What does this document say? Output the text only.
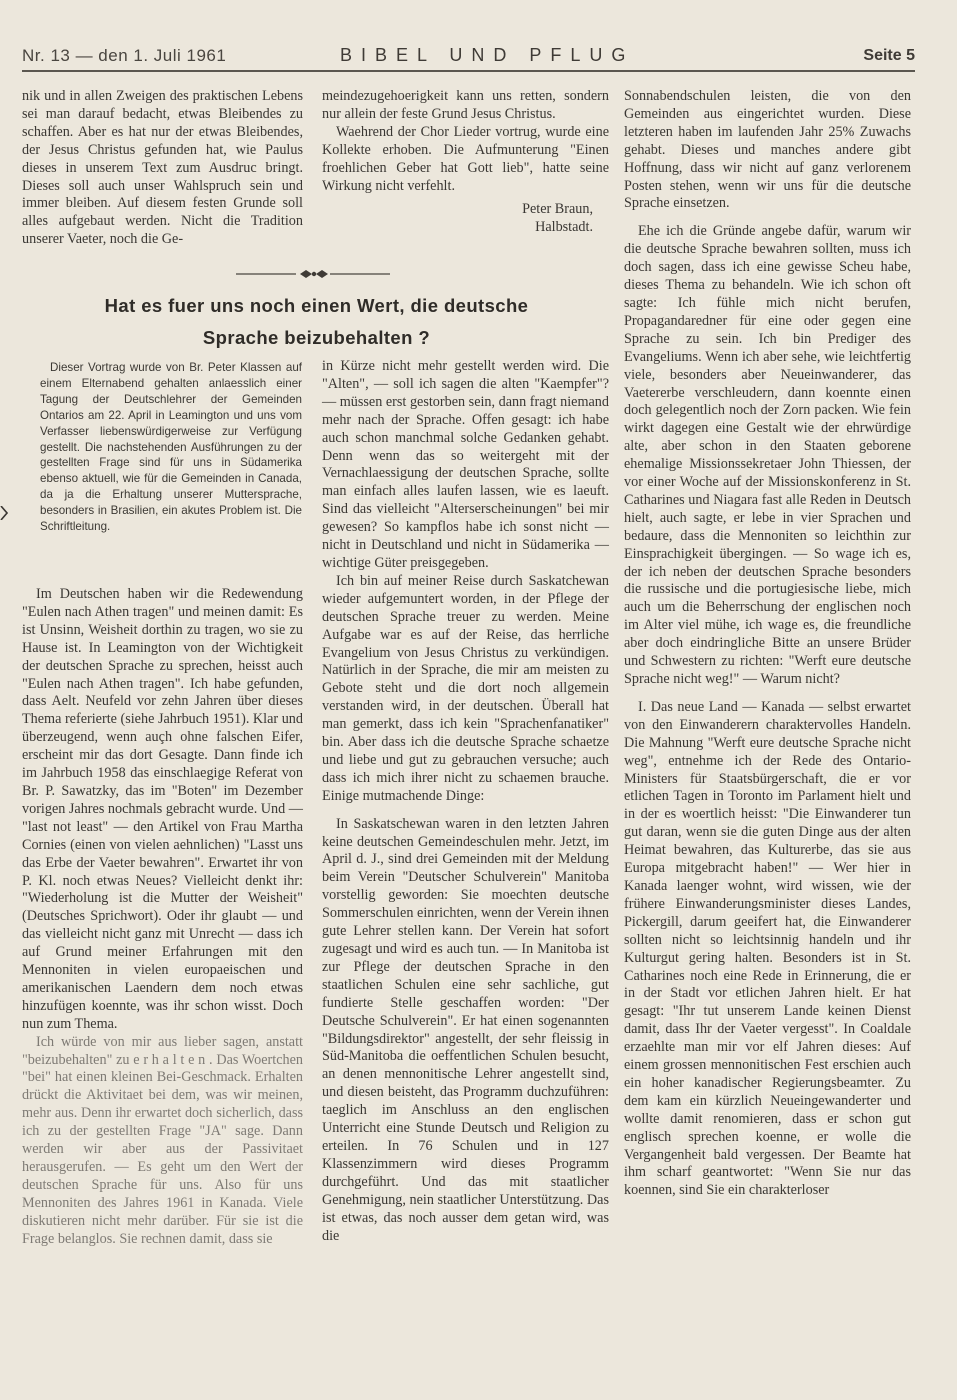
Nr. 13 — den 1. Juli 1961	BIBEL UND PFLUG	Seite 5

nik und in allen Zweigen des praktischen Lebens sei man darauf bedacht, etwas Bleibendes zu schaffen. Aber es hat nur der etwas Bleibendes, der Jesus Christus gefunden hat, wie Paulus dieses in unserem Text zum Ausdruc bringt. Dieses soll auch unser Wahlspruch sein und immer bleiben. Auf diesem festen Grunde soll alles aufgebaut werden. Nicht die Tradition unserer Vaeter, noch die Ge-

meindezugehoerigkeit kann uns retten, sondern nur allein der feste Grund Jesus Christus.

Waehrend der Chor Lieder vortrug, wurde eine Kollekte erhoben. Die Aufmunterung "Einen froehlichen Geber hat Gott lieb", hatte seine Wirkung nicht verfehlt.

Peter Braun,

Halbstadt.

Hat es fuer uns noch einen Wert, die deutsche
Sprache beizubehalten ?

Dieser Vortrag wurde von Br. Peter Klassen auf einem Elternabend gehalten anlaesslich einer Tagung der Deutschlehrer der Gemeinden Ontarios am 22. April in Leamington und uns vom Verfasser liebenswürdigerweise zur Verfügung gestellt. Die nachstehenden Ausführungen zu der gestellten Frage sind für uns in Südamerika ebenso aktuell, wie für die Gemeinden in Canada, da ja die Erhaltung unserer Muttersprache, besonders in Brasilien, ein akutes Problem ist. Die Schriftleitung.

Im Deutschen haben wir die Redewendung "Eulen nach Athen tragen" und meinen damit: Es ist Unsinn, Weisheit dorthin zu tragen, wo sie zu Hause ist. In Leamington von der Wichtigkeit der deutschen Sprache zu sprechen, heisst auch "Eulen nach Athen tragen". Ich habe gefunden, dass Aelt. Neufeld vor zehn Jahren über dieses Thema referierte (siehe Jahrbuch 1951). Klar und überzeugend, wenn auçh ohne falschen Eifer, erscheint mir das dort Gesagte. Dann finde ich im Jahrbuch 1958 das einschlaegige Referat von Br. P. Sawatzky, das im "Boten" im Dezember vorigen Jahres nochmals gebracht wurde. Und — "last not least" — den Artikel von Frau Martha Cornies (einen von vielen aehnlichen) "Lasst uns das Erbe der Vaeter bewahren". Erwartet ihr von P. Kl. noch etwas Neues? Vielleicht denkt ihr: "Wiederholung ist die Mutter der Weisheit" (Deutsches Sprichwort). Oder ihr glaubt — und das vielleicht nicht ganz mit Unrecht — dass ich auf Grund meiner Erfahrungen mit den Mennoniten in vielen europaeischen und amerikanischen Laendern dem noch etwas hinzufügen koennte, was ihr schon wisst. Doch nun zum Thema.

Ich würde von mir aus lieber sagen, anstatt "beizubehalten" zu e r h a l t e n . Das Woertchen "bei" hat einen kleinen Bei-Geschmack. Erhalten drückt die Aktivitaet bei dem, was wir meinen, mehr aus. Denn ihr erwartet doch sicherlich, dass ich zu der gestellten Frage "JA" sage. Dann werden wir aber aus der Passivitaet herausgerufen. — Es geht um den Wert der deutschen Sprache für uns. Also für uns Mennoniten des Jahres 1961 in Kanada. Viele diskutieren nicht mehr darüber. Für sie ist die Frage belanglos. Sie rechnen damit, dass sie

in Kürze nicht mehr gestellt werden wird. Die "Alten", — soll ich sagen die alten "Kaempfer"? — müssen erst gestorben sein, dann fragt niemand mehr nach der Sprache. Offen gesagt: ich habe auch schon manchmal solche Gedanken gehabt. Denn wenn das so weitergeht mit der Vernachlaessigung der deutschen Sprache, sollte man einfach alles laufen lassen, wie es laeuft. Sind das vielleicht "Alterserscheinungen" bei mir gewesen? So kampflos habe ich sonst nicht — nicht in Deutschland und nicht in Südamerika — wichtige Güter preisgegeben.

Ich bin auf meiner Reise durch Saskatchewan wieder aufgemuntert worden, in der Pflege der deutschen Sprache treuer zu werden. Meine Aufgabe war es auf der Reise, das herrliche Evangelium von Jesus Christus zu verkündigen. Natürlich in der Sprache, die mir am meisten zu Gebote steht und die dort noch allgemein verstanden wird, in der deutschen. Überall hat man gemerkt, dass ich kein "Sprachenfanatiker" bin. Aber dass ich die deutsche Sprache schaetze und liebe und gut zu gebrauchen versuche; auch dass ich mich ihrer nicht zu schaemen brauche. Einige mutmachende Dinge:

In Saskatschewan waren in den letzten Jahren keine deutschen Gemeindeschulen mehr. Jetzt, im April d. J., sind drei Gemeinden mit der Meldung beim Verein "Deutscher Schulverein" Manitoba vorstellig geworden: Sie moechten deutsche Sommerschulen einrichten, wenn der Verein ihnen gute Lehrer stellen kann. Der Verein hat sofort zugesagt und wird es auch tun. — In Manitoba ist zur Pflege der deutschen Sprache in den staatlichen Schulen eine sehr sachliche, gut fundierte Stelle geschaffen worden: "Der Deutsche Schulverein". Er hat einen sogenannten "Bildungsdirektor" angestellt, der sehr fleissig in Süd-Manitoba die oeffentlichen Schulen besucht, an denen mennonitische Lehrer angestellt sind, und diesen beisteht, das Programm duchzuführen: taeglich im Anschluss an den englischen Unterricht eine Stunde Deutsch und Religion zu erteilen. In 76 Schulen und in 127 Klassenzimmern wird dieses Programm durchgeführt. Und das mit staatlicher Genehmigung, nein staatlicher Unterstützung. Das ist etwas, das noch ausser dem getan wird, was die

Sonnabendschulen leisten, die von den Gemeinden aus eingerichtet wurden. Diese letzteren haben im laufenden Jahr 25% Zuwachs gehabt. Dieses und manches andere gibt Hoffnung, dass wir nicht auf ganz verlorenem Posten stehen, wenn wir uns für die deutsche Sprache einsetzen.

Ehe ich die Gründe angebe dafür, warum wir die deutsche Sprache bewahren sollten, muss ich doch sagen, dass ich eine gewisse Scheu habe, dieses Thema zu behandeln. Wie ich schon oft sagte: Ich fühle mich nicht berufen, Propagandaredner für eine oder gegen eine Sprache zu sein. Ich bin Prediger des Evangeliums. Wenn ich aber sehe, wie leichtfertig viele, besonders aber Neueinwanderer, das Vaetererbe verschleudern, dann koennte einen doch gelegentlich noch der Zorn packen. Wie fein wirkt dagegen eine Gestalt wie der ehrwürdige alte, aber schon in den Staaten geborene ehemalige Missionssekretaer John Thiessen, der vor einer Woche auf der Missionskonferenz in St. Catharines und Niagara fast alle Reden in Deutsch hielt, auch sagte, er lebe in vier Sprachen und bedaure, dass die Mennoniten so leichthin zur Einsprachigkeit übergingen. — So wage ich es, der ich neben der deutschen Sprache besonders die russische und die portugiesische liebe, mich auch um die Beherrschung der englischen noch im Alter viel mühe, ich wage es, die freundliche aber doch eindringliche Bitte an unsere Brüder und Schwestern zu richten: "Werft eure deutsche Sprache nicht weg!" — Warum nicht?

I. Das neue Land — Kanada — selbst erwartet von den Einwanderern charaktervolles Handeln. Die Mahnung "Werft eure deutsche Sprache nicht weg", entnehme ich der Rede des Ontario-Ministers für Staatsbürgerschaft, die er vor etlichen Tagen in Toronto im Parlament hielt und in der es woertlich heisst: "Die Einwanderer tun gut daran, wenn sie die guten Dinge aus der alten Heimat bewahren, das Kulturerbe, das sie aus Europa mitgebracht haben!" — Wer hier in Kanada laenger wohnt, wird wissen, wie der frühere Einwanderungsminister dieses Landes, Pickergill, darum geeifert hat, die Einwanderer sollten nicht so leichtsinnig handeln und ihr Kulturgut gering halten. Besonders ist in St. Catharines noch eine Rede in Erinnerung, die er in der Stadt vor etlichen Jahren hielt. Er hat gesagt: "Ihr tut unserem Lande keinen Dienst damit, dass Ihr der Vaeter vergesst". In Coaldale erzaehlte man mir vor elf Jahren dieses: Auf einem grossen mennonitischen Fest erschien auch ein hoher kanadischer Regierungsbeamter. Zu dem kam ein kürzlich Neueingewanderter und wollte damit renomieren, dass er schon gut englisch sprechen koenne, er wolle die Vergangenheit bald vergessen. Der Beamte hat ihm scharf geantwortet: "Wenn Sie nur das koennen, sind Sie ein charakterloser
